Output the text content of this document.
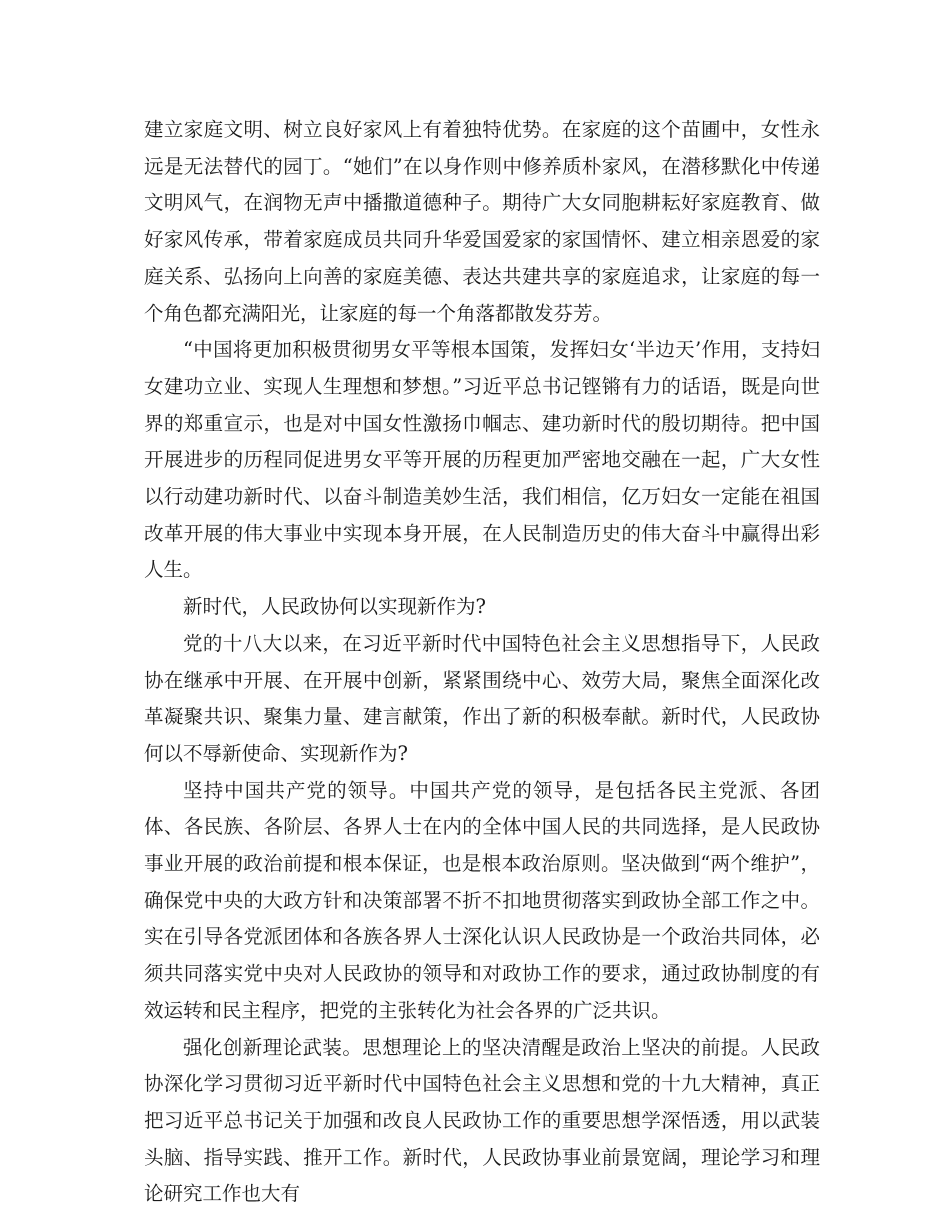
建立家庭文明、树立良好家风上有着独特优势。在家庭的这个苗圃中，女性永远是无法替代的园丁。“她们”在以身作则中修养质朴家风，在潜移默化中传递文明风气，在润物无声中播撒道德种子。期待广大女同胞耕耘好家庭教育、做好家风传承，带着家庭成员共同升华爱国爱家的家国情怀、建立相亲恩爱的家庭关系、弘扬向上向善的家庭美德、表达共建共享的家庭追求，让家庭的每一个角色都充满阳光，让家庭的每一个角落都散发芬芳。

“中国将更加积极贯彻男女平等根本国策，发挥妇女‘半边天’作用，支持妇女建功立业、实现人生理想和梦想。”习近平总书记铿锵有力的话语，既是向世界的郑重宣示，也是对中国女性激扬巾帼志、建功新时代的殷切期待。把中国开展进步的历程同促进男女平等开展的历程更加严密地交融在一起，广大女性以行动建功新时代、以奋斗制造美妙生活，我们相信，亿万妇女一定能在祖国改革开展的伟大事业中实现本身开展，在人民制造历史的伟大奋斗中赢得出彩人生。

新时代，人民政协何以实现新作为?

党的十八大以来，在习近平新时代中国特色社会主义思想指导下，人民政协在继承中开展、在开展中创新，紧紧围绕中心、效劳大局，聚焦全面深化改革凝聚共识、聚集力量、建言献策，作出了新的积极奉献。新时代，人民政协何以不辱新使命、实现新作为?

坚持中国共产党的领导。中国共产党的领导，是包括各民主党派、各团体、各民族、各阶层、各界人士在内的全体中国人民的共同选择，是人民政协事业开展的政治前提和根本保证，也是根本政治原则。坚决做到“两个维护”，确保党中央的大政方针和决策部署不折不扣地贯彻落实到政协全部工作之中。实在引导各党派团体和各族各界人士深化认识人民政协是一个政治共同体，必须共同落实党中央对人民政协的领导和对政协工作的要求，通过政协制度的有效运转和民主程序，把党的主张转化为社会各界的广泛共识。

强化创新理论武装。思想理论上的坚决清醒是政治上坚决的前提。人民政协深化学习贯彻习近平新时代中国特色社会主义思想和党的十九大精神，真正把习近平总书记关于加强和改良人民政协工作的重要思想学深悟透，用以武装头脑、指导实践、推开工作。新时代，人民政协事业前景宽阔，理论学习和理论研究工作也大有
